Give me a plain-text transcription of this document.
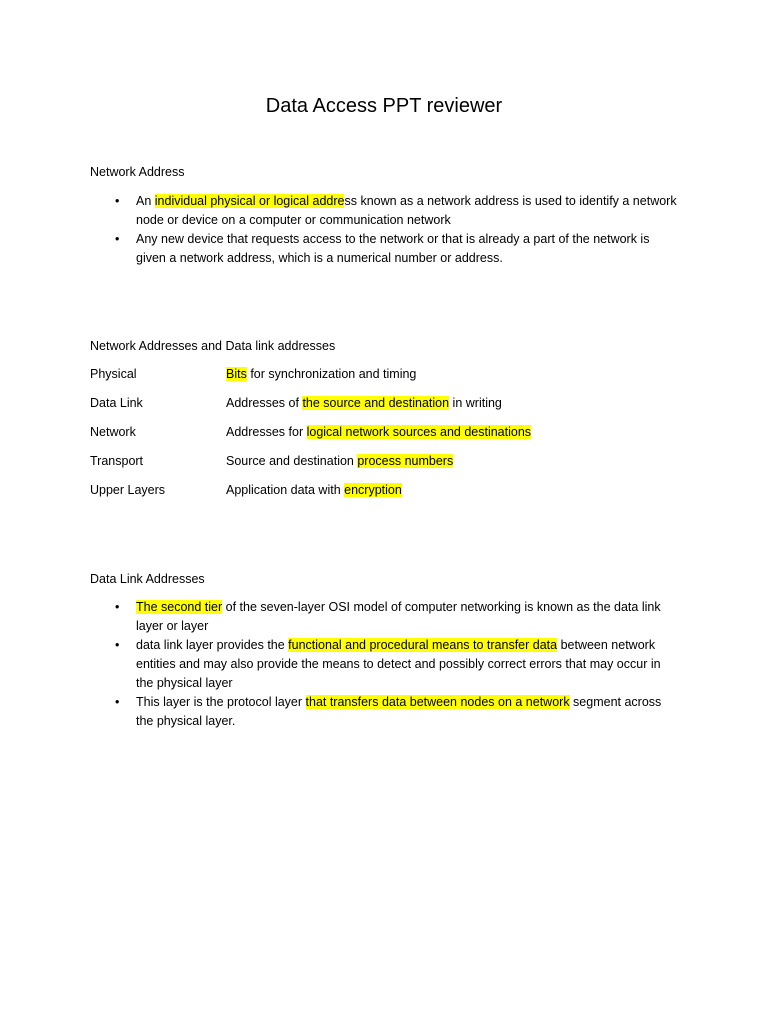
Data Access PPT reviewer
Network Address
• An individual physical or logical address known as a network address is used to identify a network node or device on a computer or communication network
• Any new device that requests access to the network or that is already a part of the network is given a network address, which is a numerical number or address.
Network Addresses and Data link addresses
Physical	Bits for synchronization and timing
Data Link	Addresses of the source and destination in writing
Network	Addresses for logical network sources and destinations
Transport	Source and destination process numbers
Upper Layers	Application data with encryption
Data Link Addresses
• The second tier of the seven-layer OSI model of computer networking is known as the data link layer or layer
• data link layer provides the functional and procedural means to transfer data between network entities and may also provide the means to detect and possibly correct errors that may occur in the physical layer
• This layer is the protocol layer that transfers data between nodes on a network segment across the physical layer.
